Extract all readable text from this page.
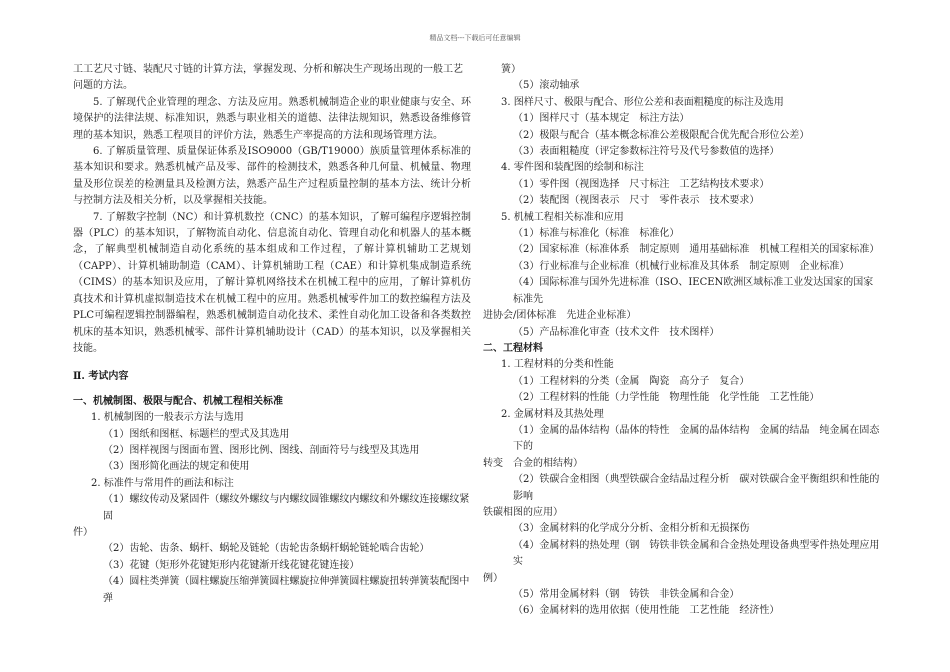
精品文档---下载后可任意编辑

工工艺尺寸链、装配尺寸链的计算方法，掌握发现、分析和解决生产现场出现的一般工艺问题的方法。

5. 了解现代企业管理的理念、方法及应用。熟悉机械制造企业的职业健康与安全、环境保护的法律法规、标准知识，熟悉与职业相关的道德、法律法规知识，熟悉设备维修管理的基本知识，熟悉工程项目的评价方法，熟悉生产率提高的方法和现场管理方法。

6. 了解质量管理、质量保证体系及ISO9000（GB/T19000）族质量管理体系标准的基本知识和要求。熟悉机械产品及零、部件的检测技术，熟悉各种几何量、机械量、物理量及形位误差的检测量具及检测方法，熟悉产品生产过程质量控制的基本方法、统计分析与控制方法及相关分析，以及掌握相关技能。

7. 了解数字控制（NC）和计算机数控（CNC）的基本知识，了解可编程序逻辑控制器（PLC）的基本知识，了解物流自动化、信息流自动化、管理自动化和机器人的基本概念，了解典型机械制造自动化系统的基本组成和工作过程，了解计算机辅助工艺规划（CAPP）、计算机辅助制造（CAM）、计算机辅助工程（CAE）和计算机集成制造系统（CIMS）的基本知识及应用，了解计算机网络技术在机械工程中的应用，了解计算机仿真技术和计算机虚拟制造技术在机械工程中的应用。熟悉机械零件加工的数控编程方法及PLC可编程逻辑控制器编程，熟悉机械制造自动化技术、柔性自动化加工设备和各类数控机床的基本知识，熟悉机械零、部件计算机辅助设计（CAD）的基本知识，以及掌握相关技能。

Ⅱ. 考试内容
一、机械制图、极限与配合、机械工程相关标准

1. 机械制图的一般表示方法与选用

（1）图纸和图框、标题栏的型式及其选用

（2）图样视图与图面布置、图形比例、图线、剖面符号与线型及其选用

（3）图形简化画法的规定和使用

2. 标准件与常用件的画法和标注

（1）螺纹传动及紧固件（螺纹外螺纹与内螺纹圆锥螺纹内螺纹和外螺纹连接螺纹紧固

件）

（2）齿轮、齿条、蜗杆、蜗轮及链轮（齿轮齿条蜗杆蜗轮链轮啮合齿轮）

（3）花键（矩形外花键矩形内花键渐开线花键花键连接）

（4）圆柱类弹簧（圆柱螺旋压缩弹簧圆柱螺旋拉伸弹簧圆柱螺旋扭转弹簧装配图中弹

簧）

（5）滚动轴承

3. 图样尺寸、极限与配合、形位公差和表面粗糙度的标注及选用

（1）图样尺寸（基本规定　标注方法）

（2）极限与配合（基本概念标准公差极限配合优先配合形位公差）

（3）表面粗糙度（评定参数标注符号及代号参数值的选择）

4. 零件图和装配图的绘制和标注

（1）零件图（视图选择　尺寸标注　工艺结构技术要求）

（2）装配图（视图表示　尺寸　零件表示　技术要求）

5. 机械工程相关标准和应用

（1）标准与标准化（标准　标准化）

（2）国家标准（标准体系　制定原则　通用基础标准　机械工程相关的国家标准）

（3）行业标准与企业标准（机械行业标准及其体系　制定原则　企业标准）

（4）国际标准与国外先进标准（ISO、IECEN欧洲区域标准工业发达国家的国家标准先

进协会/团体标准　先进企业标准）

（5）产品标准化审查（技术文件　技术图样）

二、工程材料

1. 工程材料的分类和性能

（1）工程材料的分类（金属　陶瓷　高分子　复合）

（2）工程材料的性能（力学性能　物理性能　化学性能　工艺性能）

2. 金属材料及其热处理

（1）金属的晶体结构（晶体的特性　金属的晶体结构　金属的结晶　纯金属在固态下的

转变　合金的相结构）

（2）铁碳合金相图（典型铁碳合金结晶过程分析　碳对铁碳合金平衡组织和性能的影响

铁碳相图的应用）

（3）金属材料的化学成分分析、金相分析和无损探伤

（4）金属材料的热处理（钢　铸铁非铁金属和合金热处理设备典型零件热处理应用实

例）

（5）常用金属材料（钢　铸铁　非铁金属和合金）

（6）金属材料的选用依据（使用性能　工艺性能　经济性）
